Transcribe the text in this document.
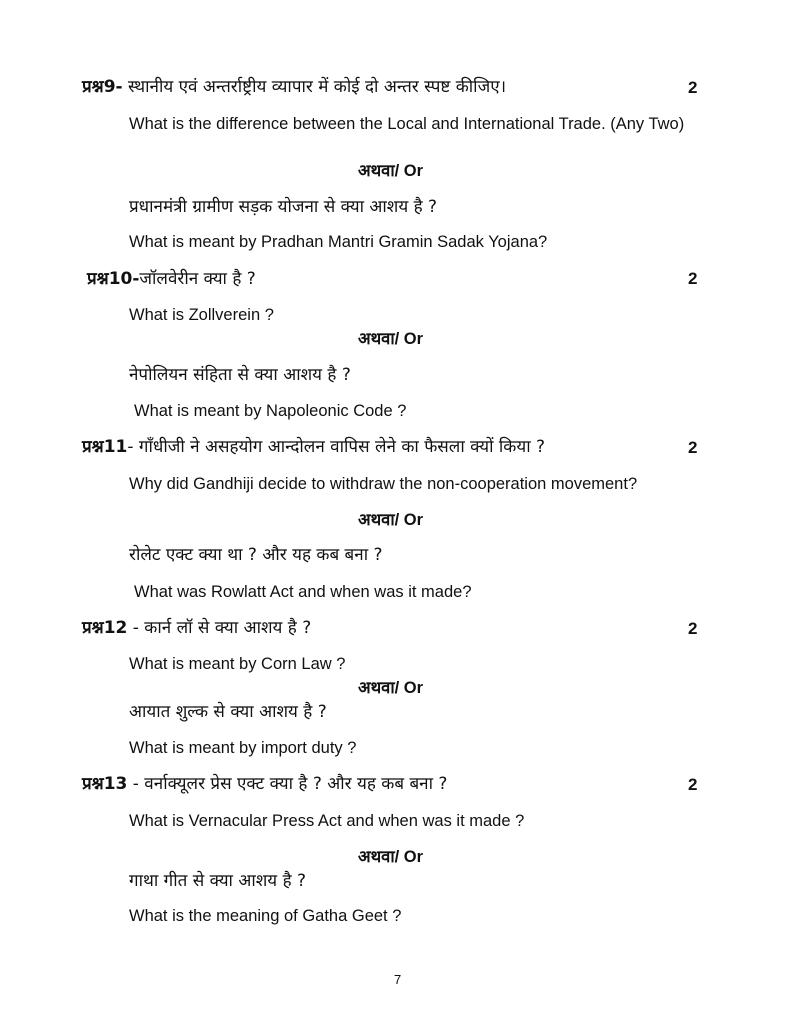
प्रश्न9- स्थानीय एवं अन्तर्राष्ट्रीय व्यापार में कोई दो अन्तर स्पष्ट कीजिए।	2
What is the difference between the Local and International Trade. (Any Two)
अथवा/ Or
प्रधानमंत्री ग्रामीण सड़क योजना से क्या आशय है ?
What is meant by Pradhan Mantri Gramin Sadak Yojana?
प्रश्न10-जॉलवेरीन क्या है ?	2
What is Zollverein ?
अथवा/ Or
नेपोलियन संहिता से क्या आशय है ?
What is meant by Napoleonic Code ?
प्रश्न11- गाँधीजी ने असहयोग आन्दोलन वापिस लेने का फैसला क्यों किया ?	2
Why did Gandhiji decide to withdraw the non-cooperation movement?
अथवा/ Or
रोलेट एक्ट क्या था ? और यह कब बना ?
What was Rowlatt Act and when was it made?
प्रश्न12 - कार्न लॉ से क्या आशय है ?	2
What is meant by Corn Law ?
अथवा/ Or
आयात शुल्क से क्या आशय है ?
What is meant by import duty ?
प्रश्न13 - वर्नाक्यूलर प्रेस एक्ट क्या है ? और यह कब बना ?	2
What is Vernacular Press Act and when was it made ?
अथवा/ Or
गाथा गीत से क्या आशय है ?
What is the meaning of Gatha Geet ?
7
